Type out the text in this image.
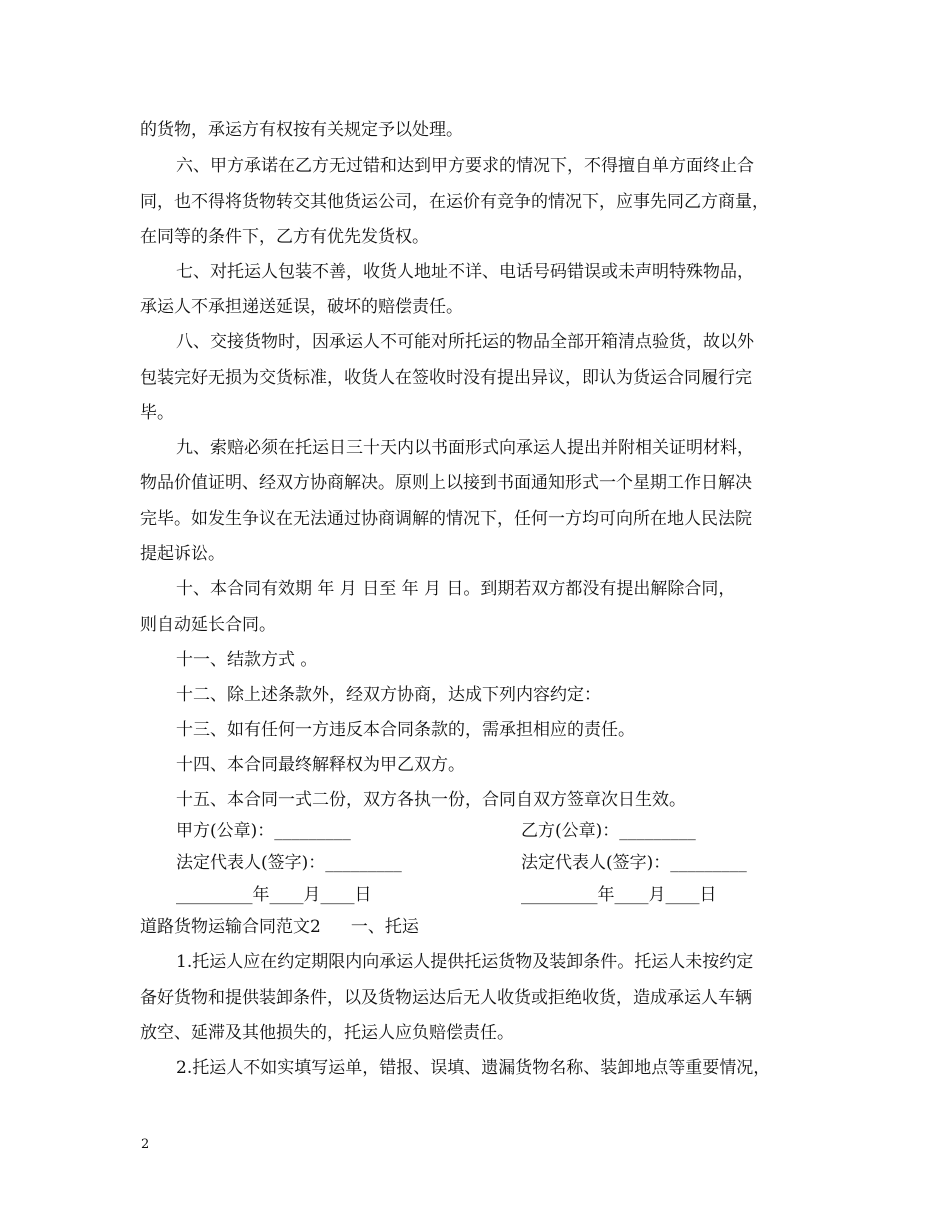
的货物，承运方有权按有关规定予以处理。
六、甲方承诺在乙方无过错和达到甲方要求的情况下，不得擅自单方面终止合
同，也不得将货物转交其他货运公司，在运价有竞争的情况下，应事先同乙方商量，
在同等的条件下，乙方有优先发货权。
七、对托运人包装不善，收货人地址不详、电话号码错误或未声明特殊物品，
承运人不承担递送延误，破坏的赔偿责任。
八、交接货物时，因承运人不可能对所托运的物品全部开箱清点验货，故以外
包装完好无损为交货标准，收货人在签收时没有提出异议，即认为货运合同履行完
毕。
九、索赔必须在托运日三十天内以书面形式向承运人提出并附相关证明材料，
物品价值证明、经双方协商解决。原则上以接到书面通知形式一个星期工作日解决
完毕。如发生争议在无法通过协商调解的情况下，任何一方均可向所在地人民法院
提起诉讼。
十、本合同有效期 年 月 日至 年 月 日。到期若双方都没有提出解除合同，
则自动延长合同。
十一、结款方式 。
十二、除上述条款外，经双方协商，达成下列内容约定：
十三、如有任何一方违反本合同条款的，需承担相应的责任。
十四、本合同最终解释权为甲乙双方。
十五、本合同一式二份，双方各执一份，合同自双方签章次日生效。
甲方(公章)：_________	乙方(公章)：_________
法定代表人(签字)：_________	法定代表人(签字)：_________
_________年____月____日	_________年____月____日
道路货物运输合同范文2 一、托运
1.托运人应在约定期限内向承运人提供托运货物及装卸条件。托运人未按约定
备好货物和提供装卸条件，以及货物运达后无人收货或拒绝收货，造成承运人车辆
放空、延滞及其他损失的，托运人应负赔偿责任。
2.托运人不如实填写运单，错报、误填、遗漏货物名称、装卸地点等重要情况，
2
